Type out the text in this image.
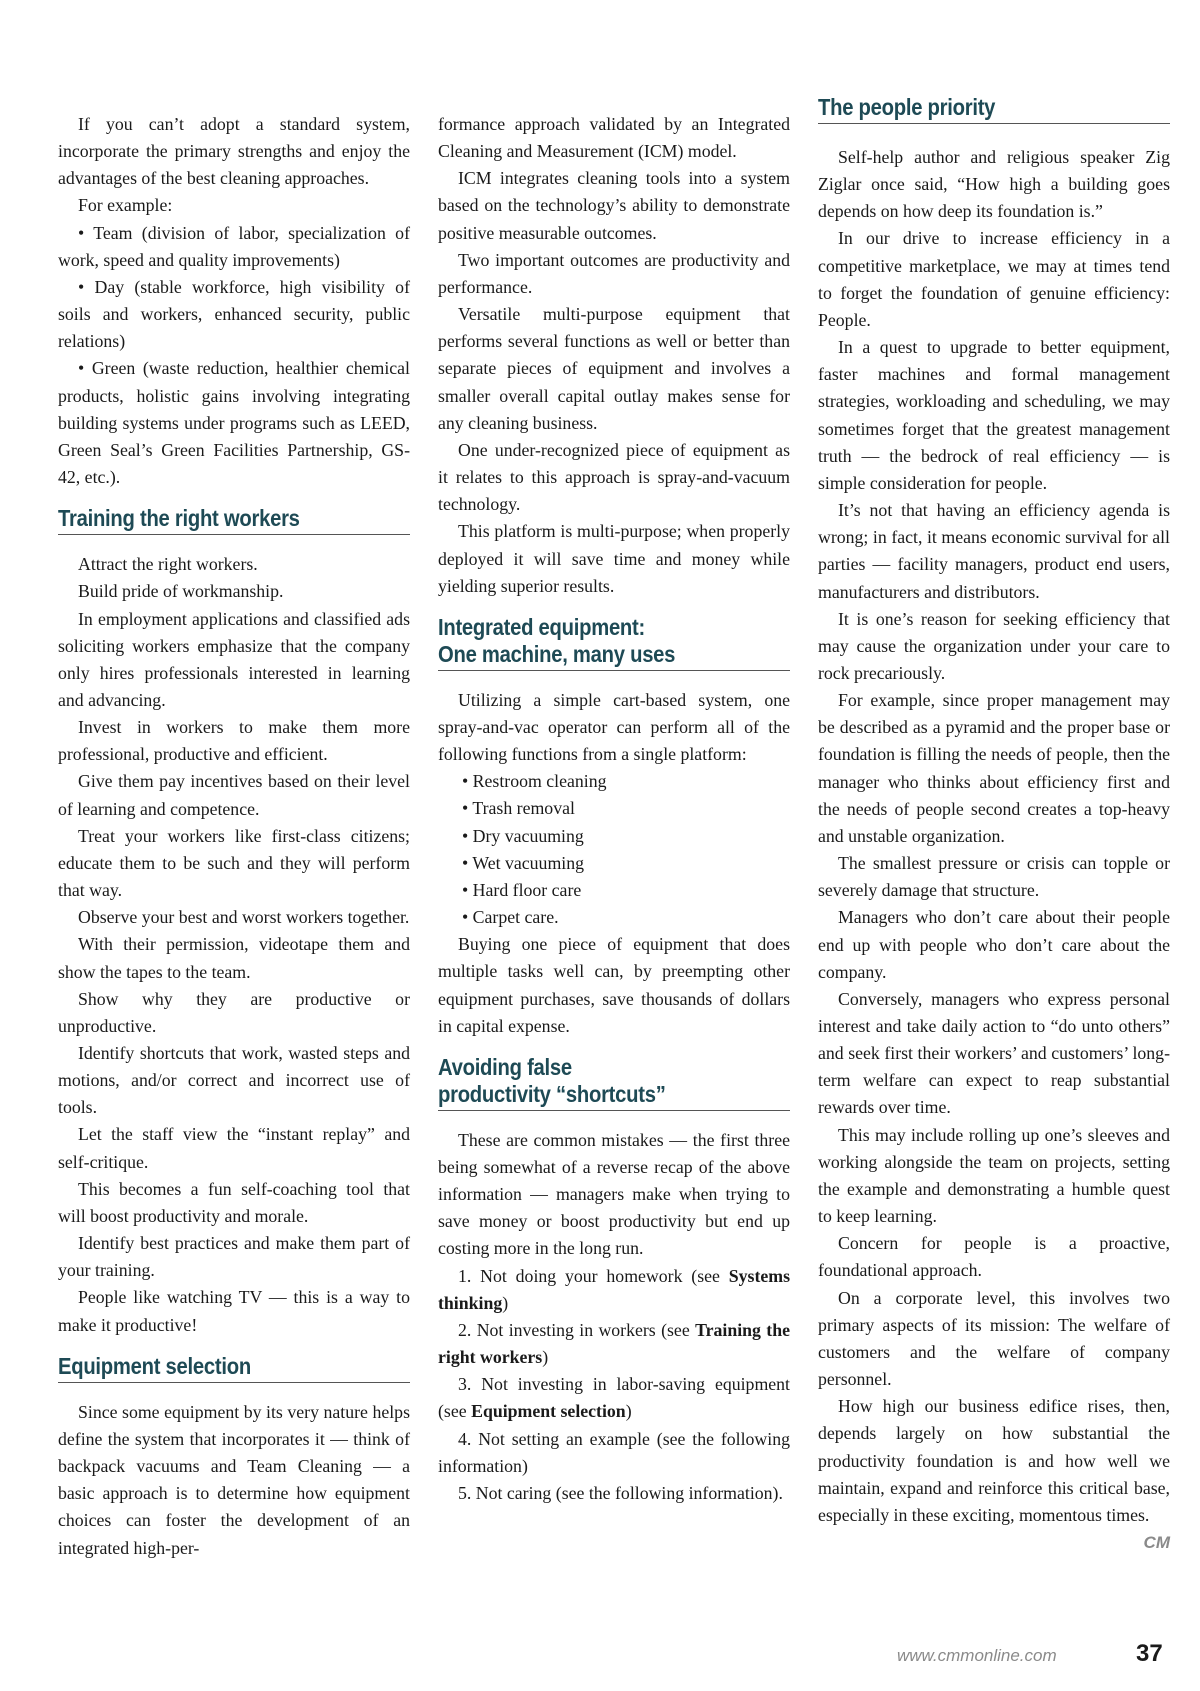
If you can’t adopt a standard system, incorporate the primary strengths and enjoy the advantages of the best cleaning approaches.

For example:

• Team (division of labor, specialization of work, speed and quality improvements)

• Day (stable workforce, high visibility of soils and workers, enhanced security, public relations)

• Green (waste reduction, healthier chemical products, holistic gains involving integrating building systems under programs such as LEED, Green Seal’s Green Facilities Partnership, GS-42, etc.).

Training the right workers

Attract the right workers.

Build pride of workmanship.

In employment applications and classified ads soliciting workers emphasize that the company only hires professionals interested in learning and advancing.

Invest in workers to make them more professional, productive and efficient.

Give them pay incentives based on their level of learning and competence.

Treat your workers like first-class citizens; educate them to be such and they will perform that way.

Observe your best and worst workers together.

With their permission, videotape them and show the tapes to the team.

Show why they are productive or unproductive.

Identify shortcuts that work, wasted steps and motions, and/or correct and incorrect use of tools.

Let the staff view the “instant replay” and self-critique.

This becomes a fun self-coaching tool that will boost productivity and morale.

Identify best practices and make them part of your training.

People like watching TV — this is a way to make it productive!

Equipment selection

Since some equipment by its very nature helps define the system that incorporates it — think of backpack vacuums and Team Cleaning — a basic approach is to determine how equipment choices can foster the development of an integrated high-per-

formance approach validated by an Integrated Cleaning and Measurement (ICM) model.

ICM integrates cleaning tools into a system based on the technology’s ability to demonstrate positive measurable outcomes.

Two important outcomes are productivity and performance.

Versatile multi-purpose equipment that performs several functions as well or better than separate pieces of equipment and involves a smaller overall capital outlay makes sense for any cleaning business.

One under-recognized piece of equipment as it relates to this approach is spray-and-vacuum technology.

This platform is multi-purpose; when properly deployed it will save time and money while yielding superior results.

Integrated equipment:
One machine, many uses

Utilizing a simple cart-based system, one spray-and-vac operator can perform all of the following functions from a single platform:

• Restroom cleaning

• Trash removal

• Dry vacuuming

• Wet vacuuming

• Hard floor care

• Carpet care.

Buying one piece of equipment that does multiple tasks well can, by preempting other equipment purchases, save thousands of dollars in capital expense.

Avoiding false
productivity “shortcuts”

These are common mistakes — the first three being somewhat of a reverse recap of the above information — managers make when trying to save money or boost productivity but end up costing more in the long run.

1. Not doing your homework (see Systems thinking)

2. Not investing in workers (see Training the right workers)

3. Not investing in labor-saving equipment (see Equipment selection)

4. Not setting an example (see the following information)

5. Not caring (see the following information).

The people priority

Self-help author and religious speaker Zig Ziglar once said, “How high a building goes depends on how deep its foundation is.”

In our drive to increase efficiency in a competitive marketplace, we may at times tend to forget the foundation of genuine efficiency: People.

In a quest to upgrade to better equipment, faster machines and formal management strategies, workloading and scheduling, we may sometimes forget that the greatest management truth — the bedrock of real efficiency — is simple consideration for people.

It’s not that having an efficiency agenda is wrong; in fact, it means economic survival for all parties — facility managers, product end users, manufacturers and distributors.

It is one’s reason for seeking efficiency that may cause the organization under your care to rock precariously.

For example, since proper management may be described as a pyramid and the proper base or foundation is filling the needs of people, then the manager who thinks about efficiency first and the needs of people second creates a top-heavy and unstable organization.

The smallest pressure or crisis can topple or severely damage that structure.

Managers who don’t care about their people end up with people who don’t care about the company.

Conversely, managers who express personal interest and take daily action to “do unto others” and seek first their workers’ and customers’ long-term welfare can expect to reap substantial rewards over time.

This may include rolling up one’s sleeves and working alongside the team on projects, setting the example and demonstrating a humble quest to keep learning.

Concern for people is a proactive, foundational approach.

On a corporate level, this involves two primary aspects of its mission: The welfare of customers and the welfare of company personnel.

How high our business edifice rises, then, depends largely on how substantial the productivity foundation is and how well we maintain, expand and reinforce this critical base, especially in these exciting, momentous times.
CM

www.cmmonline.com	37
